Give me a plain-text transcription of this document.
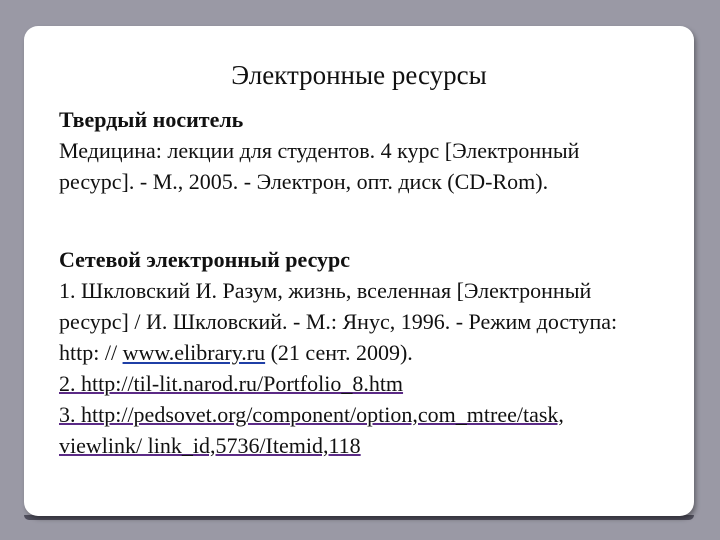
Электронные ресурсы
Твердый носитель
Медицина: лекции для студентов. 4 курс [Электронный
ресурс]. - М., 2005. - Электрон, опт. диск (CD-Rom).
Сетевой электронный ресурс
1. Шкловский И. Разум, жизнь, вселенная [Электронный
ресурс] / И. Шкловский. - М.: Янус, 1996. - Режим доступа:
http: // www.elibrary.ru (21 сент. 2009).
2. http://til-lit.narod.ru/Portfolio_8.htm
3. http://pedsovet.org/component/option,com_mtree/task,
viewlink/ link_id,5736/Itemid,118
